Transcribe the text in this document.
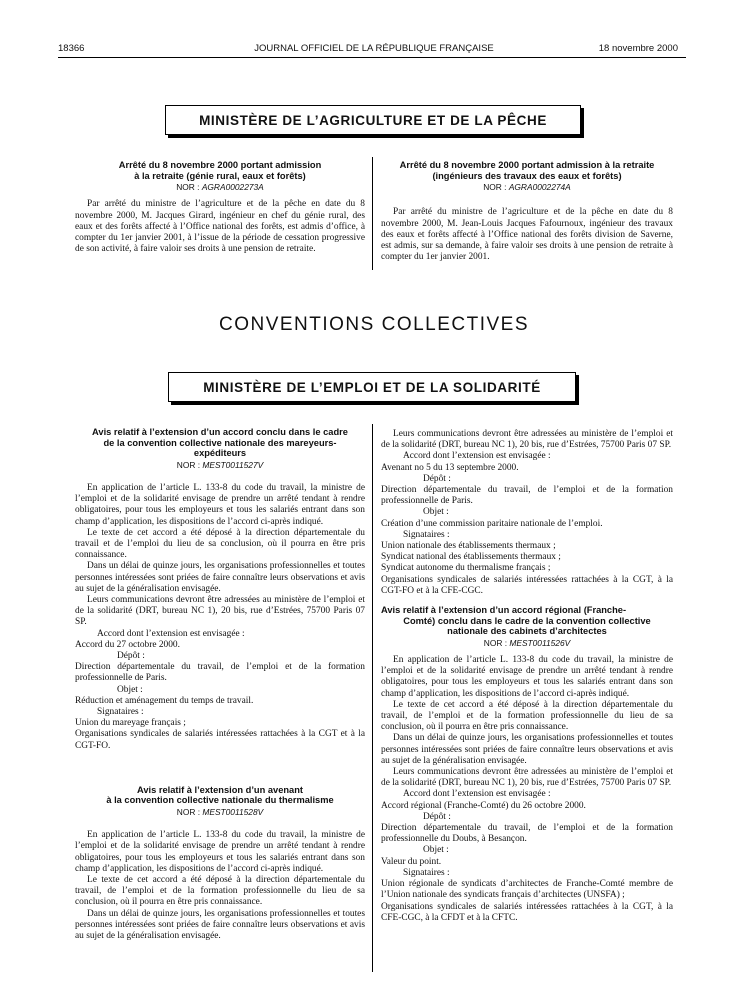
18366	JOURNAL OFFICIEL DE LA RÉPUBLIQUE FRANÇAISE	18 novembre 2000
MINISTÈRE DE L’AGRICULTURE ET DE LA PÊCHE
Arrêté du 8 novembre 2000 portant admission
à la retraite (génie rural, eaux et forêts)
NOR : AGRA0002273A

Par arrêté du ministre de l’agriculture et de la pêche en date du 8 novembre 2000, M. Jacques Girard, ingénieur en chef du génie rural, des eaux et des forêts affecté à l’Office national des forêts, est admis d’office, à compter du 1er janvier 2001, à l’issue de la période de cessation progressive de son activité, à faire valoir ses droits à une pension de retraite.

Arrêté du 8 novembre 2000 portant admission à la retraite
(ingénieurs des travaux des eaux et forêts)
NOR : AGRA0002274A

Par arrêté du ministre de l’agriculture et de la pêche en date du 8 novembre 2000, M. Jean-Louis Jacques Fafournoux, ingénieur des travaux des eaux et forêts affecté à l’Office national des forêts division de Saverne, est admis, sur sa demande, à faire valoir ses droits à une pension de retraite à compter du 1er janvier 2001.

CONVENTIONS COLLECTIVES
MINISTÈRE DE L’EMPLOI ET DE LA SOLIDARITÉ
Avis relatif à l’extension d’un accord conclu dans le cadre
de la convention collective nationale des mareyeurs-
expéditeurs
NOR : MEST0011527V

En application de l’article L. 133-8 du code du travail, la ministre de l’emploi et de la solidarité envisage de prendre un arrêté tendant à rendre obligatoires, pour tous les employeurs et tous les salariés entrant dans son champ d’application, les dispositions de l’accord ci-après indiqué.

Le texte de cet accord a été déposé à la direction départementale du travail et de l’emploi du lieu de sa conclusion, où il pourra en être pris connaissance.

Dans un délai de quinze jours, les organisations professionnelles et toutes personnes intéressées sont priées de faire connaître leurs observations et avis au sujet de la généralisation envisagée.

Leurs communications devront être adressées au ministère de l’emploi et de la solidarité (DRT, bureau NC 1), 20 bis, rue d’Estrées, 75700 Paris 07 SP.

Accord dont l’extension est envisagée :

Accord du 27 octobre 2000.

Dépôt :

Direction départementale du travail, de l’emploi et de la formation professionnelle de Paris.

Objet :

Réduction et aménagement du temps de travail.

Signataires :

Union du mareyage français ;

Organisations syndicales de salariés intéressées rattachées à la CGT et à la CGT-FO.

Avis relatif à l’extension d’un avenant
à la convention collective nationale du thermalisme
NOR : MEST0011528V

En application de l’article L. 133-8 du code du travail, la ministre de l’emploi et de la solidarité envisage de prendre un arrêté tendant à rendre obligatoires, pour tous les employeurs et tous les salariés entrant dans son champ d’application, les dispositions de l’accord ci-après indiqué.

Le texte de cet accord a été déposé à la direction départementale du travail, de l’emploi et de la formation professionnelle du lieu de sa conclusion, où il pourra en être pris connaissance.

Dans un délai de quinze jours, les organisations professionnelles et toutes personnes intéressées sont priées de faire connaître leurs observations et avis au sujet de la généralisation envisagée.

Leurs communications devront être adressées au ministère de l’emploi et de la solidarité (DRT, bureau NC 1), 20 bis, rue d’Estrées, 75700 Paris 07 SP.

Accord dont l’extension est envisagée :

Avenant no 5 du 13 septembre 2000.

Dépôt :

Direction départementale du travail, de l’emploi et de la formation professionnelle de Paris.

Objet :

Création d’une commission paritaire nationale de l’emploi.

Signataires :

Union nationale des établissements thermaux ;

Syndicat national des établissements thermaux ;

Syndicat autonome du thermalisme français ;

Organisations syndicales de salariés intéressées rattachées à la CGT, à la CGT-FO et à la CFE-CGC.

Avis relatif à l’extension d’un accord régional (Franche-
Comté) conclu dans le cadre de la convention collective
nationale des cabinets d’architectes
NOR : MEST0011526V

En application de l’article L. 133-8 du code du travail, la ministre de l’emploi et de la solidarité envisage de prendre un arrêté tendant à rendre obligatoires, pour tous les employeurs et tous les salariés entrant dans son champ d’application, les dispositions de l’accord ci-après indiqué.

Le texte de cet accord a été déposé à la direction départementale du travail, de l’emploi et de la formation professionnelle du lieu de sa conclusion, où il pourra en être pris connaissance.

Dans un délai de quinze jours, les organisations professionnelles et toutes personnes intéressées sont priées de faire connaître leurs observations et avis au sujet de la généralisation envisagée.

Leurs communications devront être adressées au ministère de l’emploi et de la solidarité (DRT, bureau NC 1), 20 bis, rue d’Estrées, 75700 Paris 07 SP.

Accord dont l’extension est envisagée :

Accord régional (Franche-Comté) du 26 octobre 2000.

Dépôt :

Direction départementale du travail, de l’emploi et de la formation professionnelle du Doubs, à Besançon.

Objet :

Valeur du point.

Signataires :

Union régionale de syndicats d’architectes de Franche-Comté membre de l’Union nationale des syndicats français d’architectes (UNSFA) ;

Organisations syndicales de salariés intéressées rattachées à la CGT, à la CFE-CGC, à la CFDT et à la CFTC.
